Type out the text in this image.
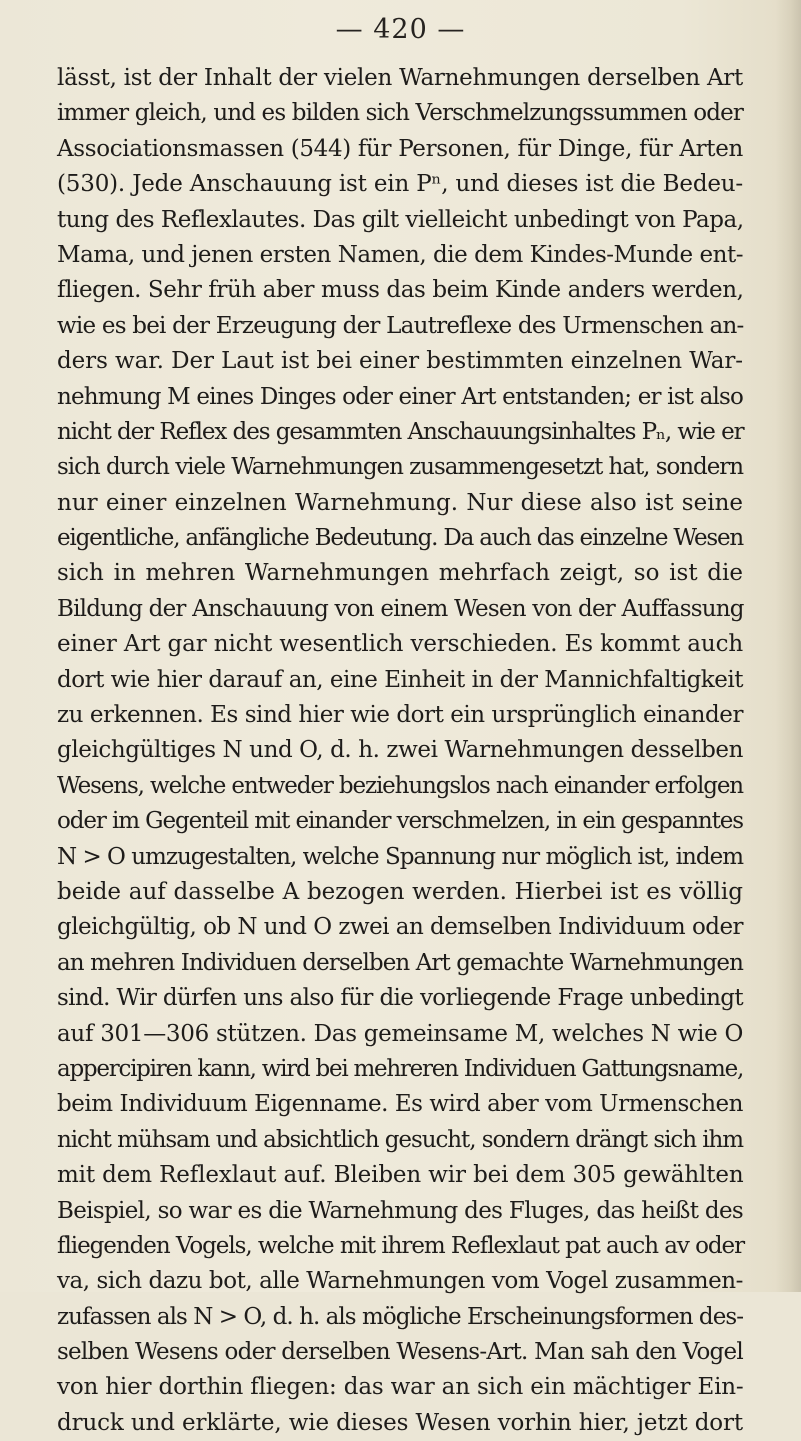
— 420 —
lässt, ist der Inhalt der vielen Warnehmungen derselben Art
immer gleich, und es bilden sich Verschmelzungssummen oder
Associationsmassen (544) für Personen, für Dinge, für Arten
(530). Jede Anschauung ist ein Pⁿ, und dieses ist die Bedeu-
tung des Reflexlautes. Das gilt vielleicht unbedingt von Papa,
Mama, und jenen ersten Namen, die dem Kindes-Munde ent-
fliegen. Sehr früh aber muss das beim Kinde anders werden,
wie es bei der Erzeugung der Lautreflexe des Urmenschen an-
ders war. Der Laut ist bei einer bestimmten einzelnen War-
nehmung M eines Dinges oder einer Art entstanden; er ist also
nicht der Reflex des gesammten Anschauungsinhaltes Pₙ, wie er
sich durch viele Warnehmungen zusammengesetzt hat, sondern
nur einer einzelnen Warnehmung. Nur diese also ist seine
eigentliche, anfängliche Bedeutung. Da auch das einzelne Wesen
sich in mehren Warnehmungen mehrfach zeigt, so ist die
Bildung der Anschauung von einem Wesen von der Auffassung
einer Art gar nicht wesentlich verschieden. Es kommt auch
dort wie hier darauf an, eine Einheit in der Mannichfaltigkeit
zu erkennen. Es sind hier wie dort ein ursprünglich einander
gleichgültiges N und O, d. h. zwei Warnehmungen desselben
Wesens, welche entweder beziehungslos nach einander erfolgen
oder im Gegenteil mit einander verschmelzen, in ein gespanntes
N > O umzugestalten, welche Spannung nur möglich ist, indem
beide auf dasselbe A bezogen werden. Hierbei ist es völlig
gleichgültig, ob N und O zwei an demselben Individuum oder
an mehren Individuen derselben Art gemachte Warnehmungen
sind. Wir dürfen uns also für die vorliegende Frage unbedingt
auf 301—306 stützen. Das gemeinsame M, welches N wie O
appercipiren kann, wird bei mehreren Individuen Gattungsname,
beim Individuum Eigenname. Es wird aber vom Urmenschen
nicht mühsam und absichtlich gesucht, sondern drängt sich ihm
mit dem Reflexlaut auf. Bleiben wir bei dem 305 gewählten
Beispiel, so war es die Warnehmung des Fluges, das heißt des
fliegenden Vogels, welche mit ihrem Reflexlaut pat auch av oder
va, sich dazu bot, alle Warnehmungen vom Vogel zusammen-
zufassen als N > O, d. h. als mögliche Erscheinungsformen des-
selben Wesens oder derselben Wesens-Art. Man sah den Vogel
von hier dorthin fliegen: das war an sich ein mächtiger Ein-
druck und erklärte, wie dieses Wesen vorhin hier, jetzt dort
